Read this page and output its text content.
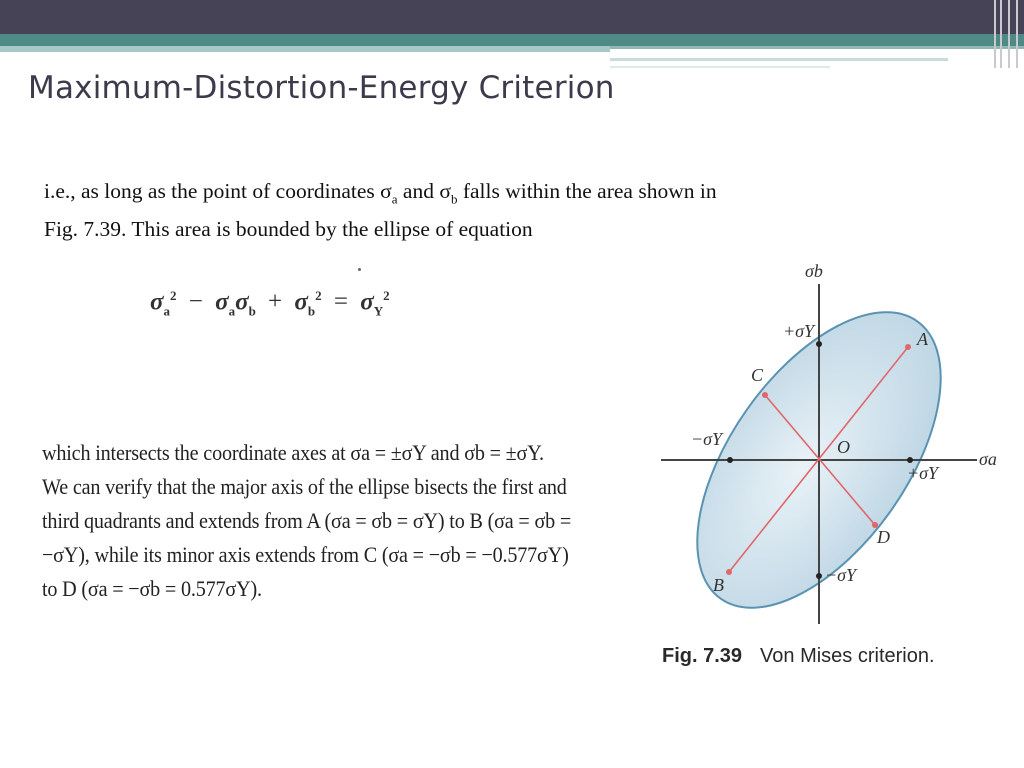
Maximum-Distortion-Energy Criterion
i.e., as long as the point of coordinates $\sigma_a$ and $\sigma_b$ falls within the area shown in
Fig. 7.39. This area is bounded by the ellipse of equation
$\sigma_a^2 - \sigma_a\sigma_b + \sigma_b^2 = \sigma_Y^2$
which intersects the coordinate axes at σa = ±σY and σb = ±σY.
We can verify that the major axis of the ellipse bisects the first and
third quadrants and extends from A (σa = σb = σY) to B (σa = σb =
−σY), while its minor axis extends from C (σa = −σb = −0.577σY)
to D (σa = −σb = 0.577σY).
σb
σa
+σY
−σY
+σY
−σY
A
B
C
D
O
Fig. 7.39 Von Mises criterion.
